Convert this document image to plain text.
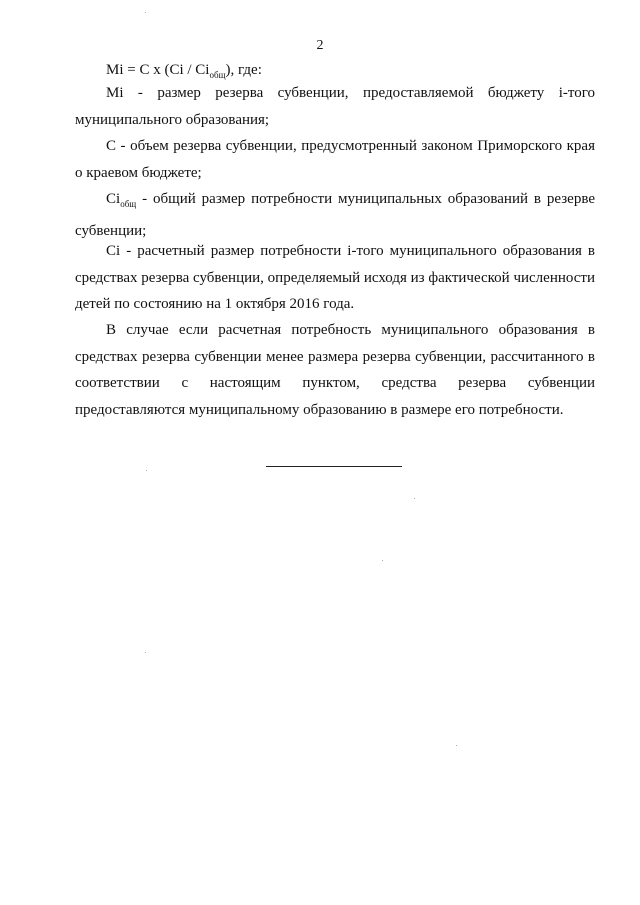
2
Mi = C x $(Ci / Ci_{общ})$, где:

Mi - размер резерва субвенции, предоставляемой бюджету i-того муниципального образования;

C - объем резерва субвенции, предусмотренный законом Приморского края о краевом бюджете;

$Ci_{общ}$ - общий размер потребности муниципальных образований в резерве субвенции;

Ci - расчетный размер потребности i-того муниципального образования в средствах резерва субвенции, определяемый исходя из фактической численности детей по состоянию на 1 октября 2016 года.

В случае если расчетная потребность муниципального образования в средствах резерва субвенции менее размера резерва субвенции, рассчитанного в соответствии с настоящим пунктом, средства резерва субвенции предоставляются муниципальному образованию в размере его потребности.
